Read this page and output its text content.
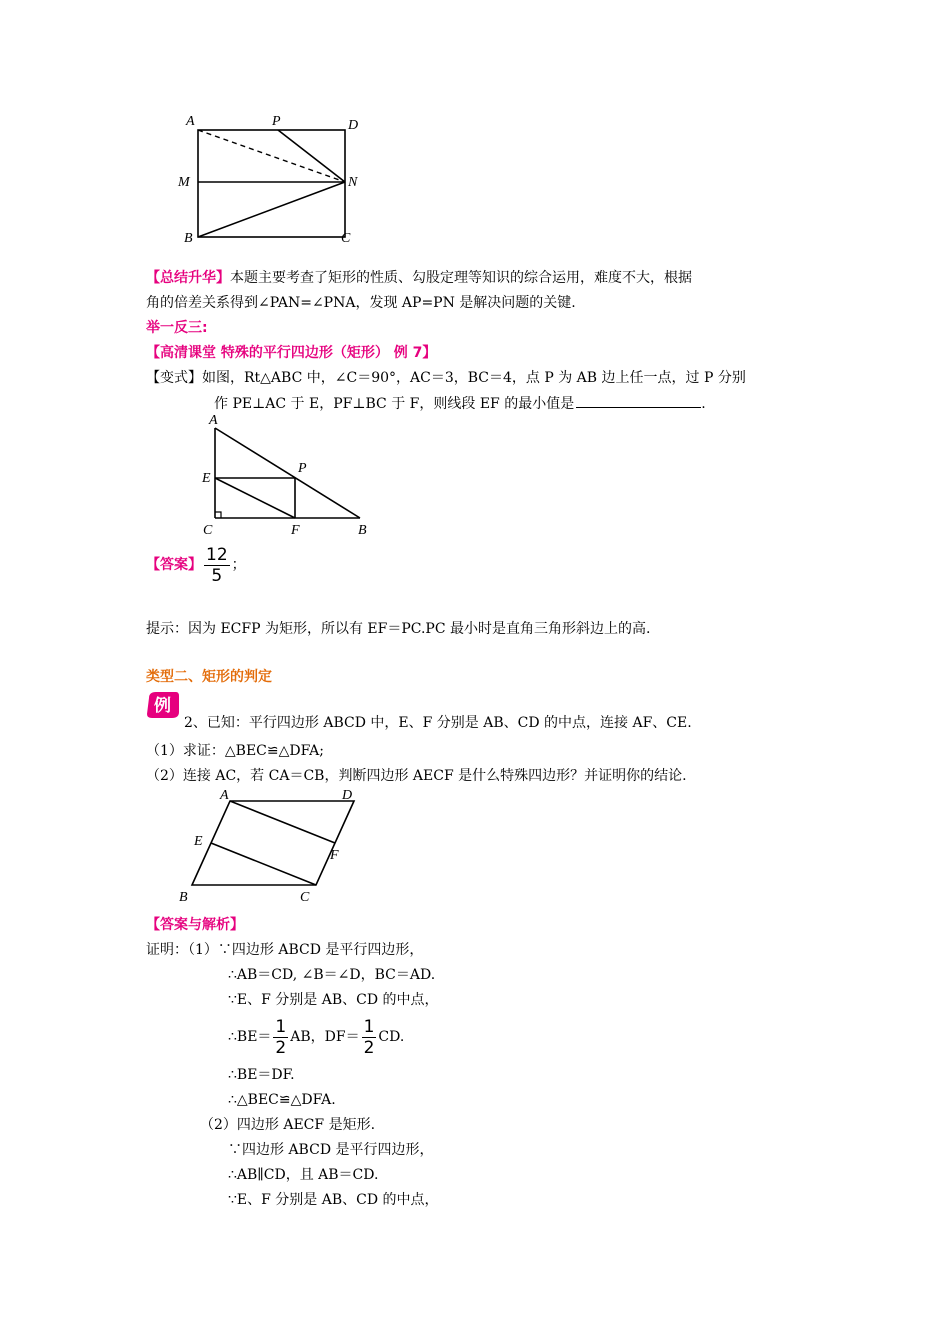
A	P	D
M	N
B	C
【总结升华】本题主要考查了矩形的性质、勾股定理等知识的综合运用，难度不大，根据
角的倍差关系得到∠PAN=∠PNA，发现 AP=PN 是解决问题的关键.
举一反三:
【高清课堂 特殊的平行四边形（矩形） 例 7】
【变式】如图，Rt△ABC 中，∠C＝90°，AC＝3，BC＝4，点 P 为 AB 边上任一点，过 P 分别
作 PE⊥AC 于 E，PF⊥BC 于 F，则线段 EF 的最小值是	.
A
E
P
C	F	B
【答案】 $\frac{12}{5}$ ；
提示：因为 ECFP 为矩形，所以有 EF＝PC.PC 最小时是直角三角形斜边上的高.
类型二、矩形的判定
例
2、已知：平行四边形 ABCD 中，E、F 分别是 AB、CD 的中点，连接 AF、CE.
（1）求证：△BEC≌△DFA;
（2）连接 AC，若 CA＝CB，判断四边形 AECF 是什么特殊四边形？并证明你的结论.
A	D
E
F
B	C
【答案与解析】
证明：（1）∵四边形 ABCD 是平行四边形，
∴AB＝CD, ∠B＝∠D，BC＝AD.
∵E、F 分别是 AB、CD 的中点，
∴BE＝ $\frac{1}{2}$ AB，$DF= \frac{1}{2}$ CD.
∴BE＝DF.
∴△BEC≌△DFA.
（2）四边形 AECF 是矩形.
∵四边形 ABCD 是平行四边形，
∴AB∥CD，且 AB＝CD.
∵E、F 分别是 AB、CD 的中点，
